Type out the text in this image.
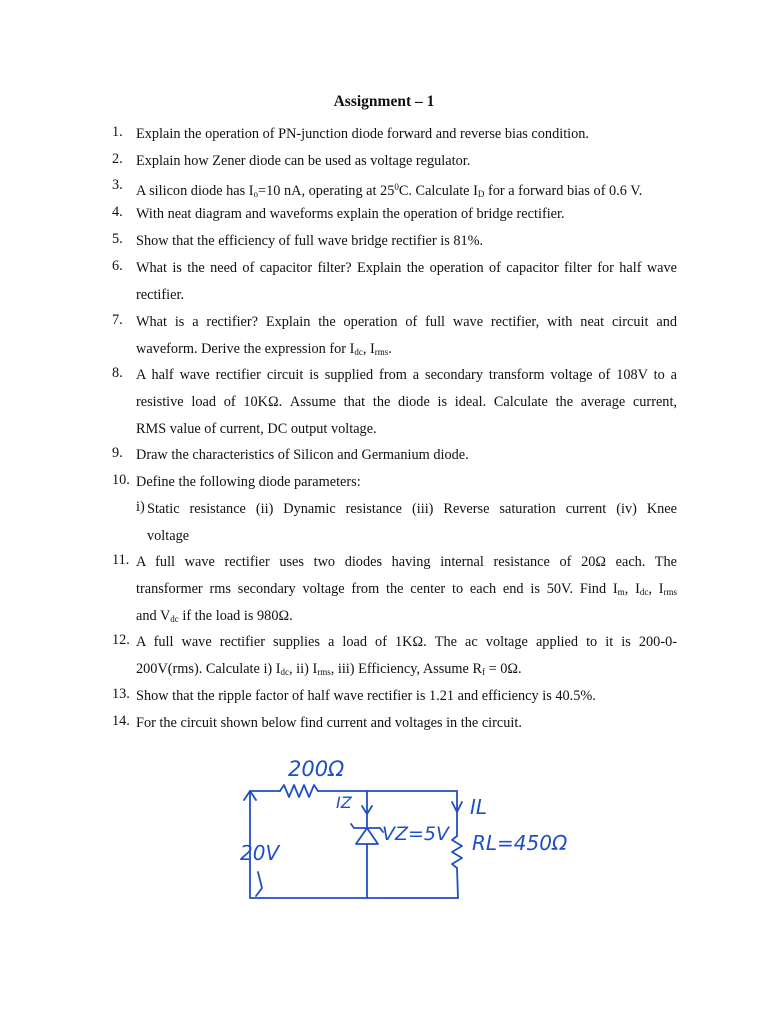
Assignment – 1
1. Explain the operation of PN-junction diode forward and reverse bias condition.
2. Explain how Zener diode can be used as voltage regulator.
3. A silicon diode has $I_o=10$ nA, operating at $25^0C$. Calculate $I_D$ for a forward bias of 0.6 V.
4. With neat diagram and waveforms explain the operation of bridge rectifier.
5. Show that the efficiency of full wave bridge rectifier is 81%.
6. What is the need of capacitor filter? Explain the operation of capacitor filter for half wave
rectifier.
7. What is a rectifier? Explain the operation of full wave rectifier, with neat circuit and
waveform. Derive the expression for $I_{dc}$, $I_{rms}$.
8. A half wave rectifier circuit is supplied from a secondary transform voltage of 108V to a
resistive load of 10KΩ. Assume that the diode is ideal. Calculate the average current,
RMS value of current, DC output voltage.
9. Draw the characteristics of Silicon and Germanium diode.
10. Define the following diode parameters:
i) Static resistance (ii) Dynamic resistance (iii) Reverse saturation current (iv) Knee
voltage
11. A full wave rectifier uses two diodes having internal resistance of 20Ω each. The
transformer rms secondary voltage from the center to each end is 50V. Find $I_m$, $I_{dc}$, $I_{rms}$
and $V_{dc}$ if the load is 980Ω.
12. A full wave rectifier supplies a load of 1KΩ. The ac voltage applied to it is 200-0-
200V(rms). Calculate i) $I_{dc}$, ii) $I_{rms}$, iii) Efficiency, Assume $R_f = 0\Omega$.
13. Show that the ripple factor of half wave rectifier is 1.21 and efficiency is 40.5%.
14. For the circuit shown below find current and voltages in the circuit.
200Ω
20V
IZ
VZ=5V
IL
RL=450Ω
